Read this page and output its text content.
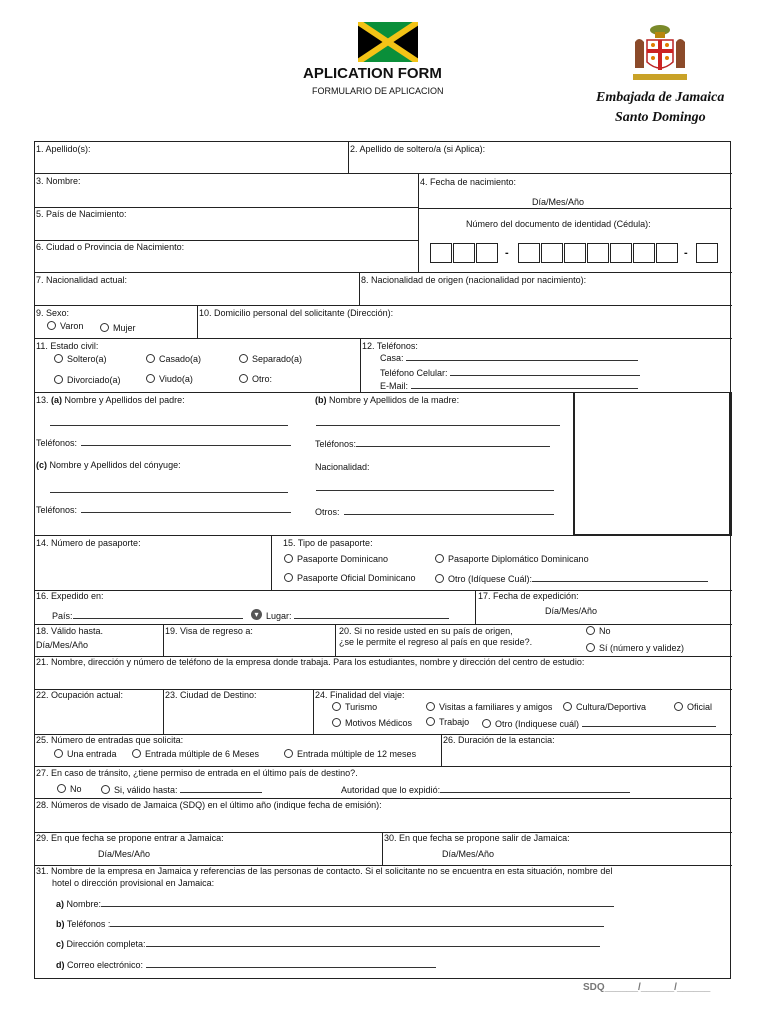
APLICATION FORM
FORMULARIO DE APLICACION	Embajada de Jamaica
Santo Domingo
1. Apellido(s):	2. Apellido de soltero/a (si Aplica):
3. Nombre:	4. Fecha de nacimiento:
Día/Mes/Año
5. País de Nacimiento:
Número del documento de identidad (Cédula):
-	-
6. Ciudad o Provincia de Nacimiento:
7. Nacionalidad actual:	8. Nacionalidad de origen (nacionalidad por nacimiento):
9. Sexo:
Varon	Mujer
10. Domicilio personal del solicitante (Dirección):
11. Estado civil:
Soltero(a)	Casado(a)	Separado(a)
Divorciado(a)	Viudo(a)	Otro:
12. Teléfonos:
Casa:
Teléfono Celular:
E-Mail:
13. (a) Nombre y Apellidos del padre:	(b) Nombre y Apellidos de la madre:
Teléfonos:	Teléfonos:
(c) Nombre y Apellidos del cónyuge:	Nacionalidad:
Teléfonos:	Otros:
14. Número de pasaporte:	15. Tipo de pasaporte:
Pasaporte Dominicano	Pasaporte Diplomático Dominicano
Pasaporte Oficial Dominicano	Otro (Idíquese Cuál):
16. Expedido en:
País:	▾ Lugar:
17. Fecha de expedición:
Día/Mes/Año
18. Válido hasta.
Día/Mes/Año
19. Visa de regreso a:	20. Si no reside usted en su país de origen,
¿se le permite el regreso al país en que reside?.
No
Sí (número y validez)
21. Nombre, dirección y número de teléfono de la empresa donde trabaja. Para los estudiantes, nombre y dirección del centro de estudio:
22. Ocupación actual:	23. Ciudad de Destino:	24. Finalidad del viaje:
Turismo	Visitas a familiares y amigos	Cultura/Deportiva	Oficial
Motivos Médicos	Trabajo	Otro (Indiquese cuál)
25. Número de entradas que solicita:
Una entrada	Entrada múltiple de 6 Meses	Entrada múltiple de 12 meses
26. Duración de la estancia:
27. En caso de tránsito, ¿tiene permiso de entrada en el último país de destino?.
No	Si, válido hasta:	Autoridad que lo expidió:
28. Números de visado de Jamaica (SDQ) en el último año (indique fecha de emisión):
29. En que fecha se propone entrar a Jamaica:
Día/Mes/Año
30. En que fecha se propone salir de Jamaica:
Día/Mes/Año
31. Nombre de la empresa en Jamaica y referencias de las personas de contacto. Si el solicitante no se encuentra en esta situación, nombre del
hotel o dirección provisional en Jamaica:
a) Nombre:
b) Teléfonos :
c) Dirección completa:
d) Correo electrónico:
SDQ______/______/______
